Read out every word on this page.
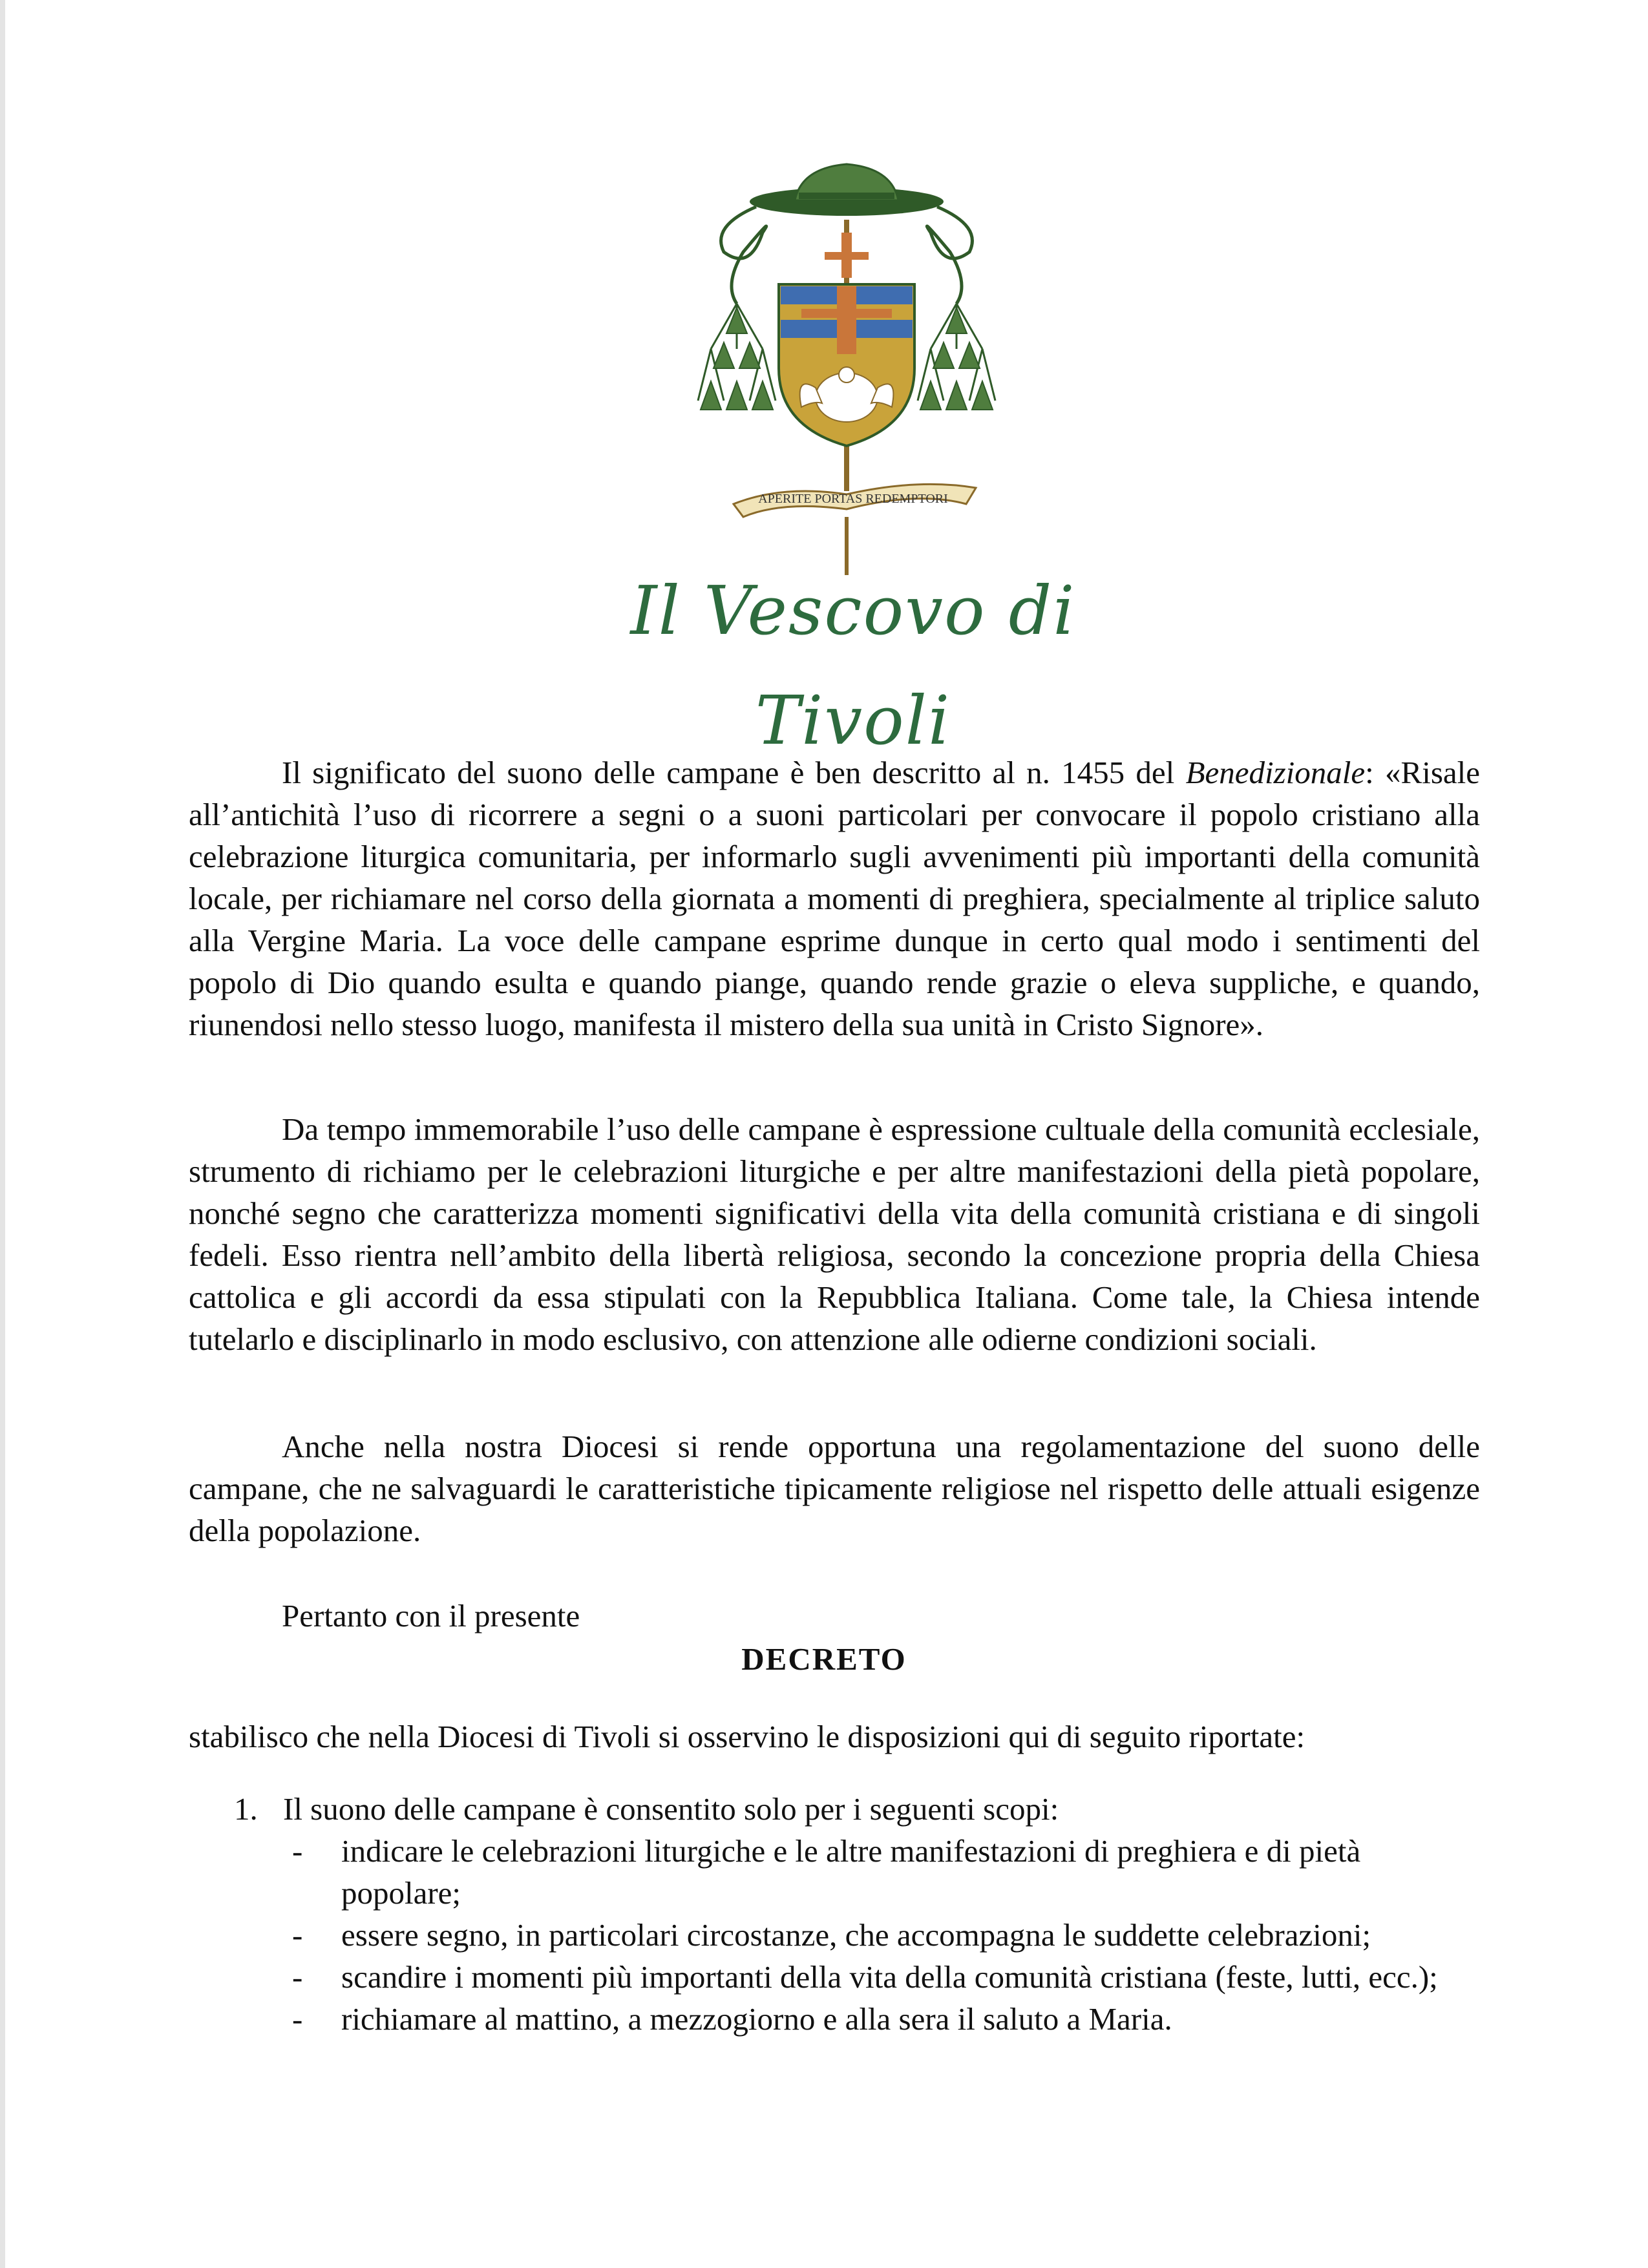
APERITE PORTAS REDEMPTORI
Il Vescovo di Tivoli

Il significato del suono delle campane è ben descritto al n. 1455 del Benedizionale: «Risale all’antichità l’uso di ricorrere a segni o a suoni particolari per convocare il popolo cristiano alla celebrazione liturgica comunitaria, per informarlo sugli avvenimenti più importanti della comunità locale, per richiamare nel corso della giornata a momenti di preghiera, specialmente al triplice saluto alla Vergine Maria. La voce delle campane esprime dunque in certo qual modo i sentimenti del popolo di Dio quando esulta e quando piange, quando rende grazie o eleva suppliche, e quando, riunendosi nello stesso luogo, manifesta il mistero della sua unità in Cristo Signore».

Da tempo immemorabile l’uso delle campane è espressione cultuale della comunità ecclesiale, strumento di richiamo per le celebrazioni liturgiche e per altre manifestazioni della pietà popolare, nonché segno che caratterizza momenti significativi della vita della comunità cristiana e di singoli fedeli. Esso rientra nell’ambito della libertà religiosa, secondo la concezione propria della Chiesa cattolica e gli accordi da essa stipulati con la Repubblica Italiana. Come tale, la Chiesa intende tutelarlo e disciplinarlo in modo esclusivo, con attenzione alle odierne condizioni sociali.

Anche nella nostra Diocesi si rende opportuna una regolamentazione del suono delle campane, che ne salvaguardi le caratteristiche tipicamente religiose nel rispetto delle attuali esigenze della popolazione.

Pertanto con il presente

DECRETO

stabilisco che nella Diocesi di Tivoli si osservino le disposizioni qui di seguito riportate:

1. Il suono delle campane è consentito solo per i seguenti scopi:
- indicare le celebrazioni liturgiche e le altre manifestazioni di preghiera e di pietà popolare;
- essere segno, in particolari circostanze, che accompagna le suddette celebrazioni;
- scandire i momenti più importanti della vita della comunità cristiana (feste, lutti, ecc.);
- richiamare al mattino, a mezzogiorno e alla sera il saluto a Maria.
